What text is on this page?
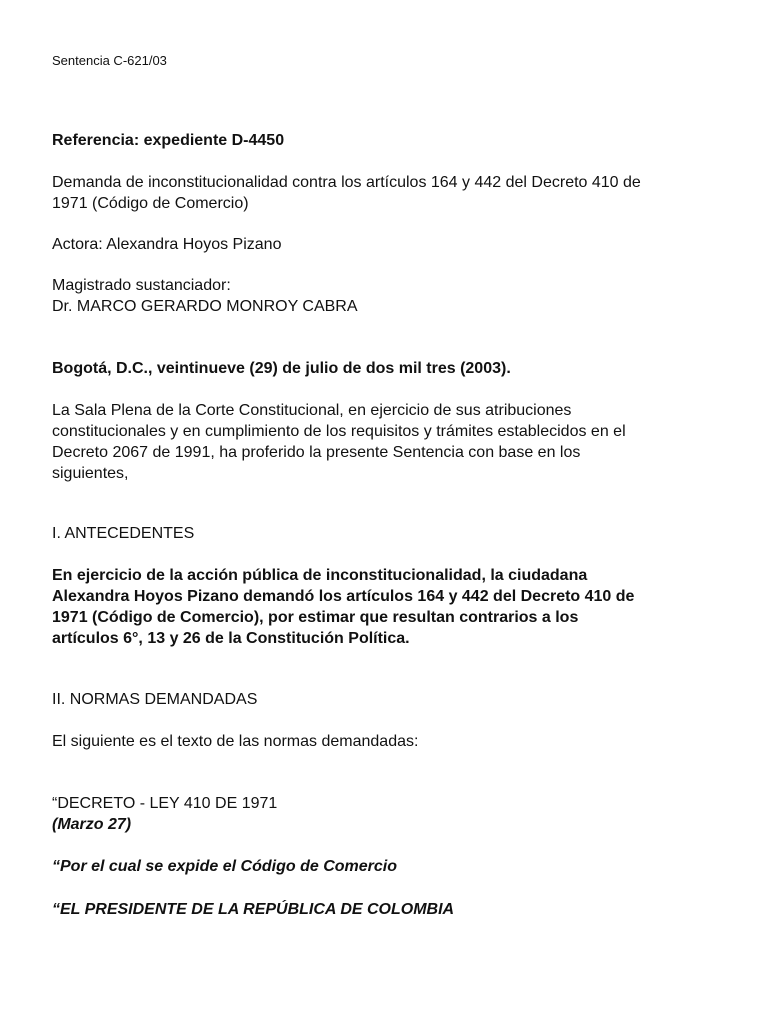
Sentencia C-621/03
Referencia: expediente D-4450
Demanda de inconstitucionalidad contra los artículos 164 y 442 del Decreto 410 de
1971 (Código de Comercio)
Actora: Alexandra Hoyos Pizano
Magistrado sustanciador:
Dr. MARCO GERARDO MONROY CABRA
Bogotá, D.C., veintinueve (29) de julio de dos mil tres (2003).
La Sala Plena de la Corte Constitucional, en ejercicio de sus atribuciones
constitucionales y en cumplimiento de los requisitos y trámites establecidos en el
Decreto 2067 de 1991, ha proferido la presente Sentencia con base en los
siguientes,
I. ANTECEDENTES
En ejercicio de la acción pública de inconstitucionalidad, la ciudadana
Alexandra Hoyos Pizano demandó los artículos 164 y 442 del Decreto 410 de
1971 (Código de Comercio), por estimar que resultan contrarios a los
artículos 6°, 13 y 26 de la Constitución Política.
II. NORMAS DEMANDADAS
El siguiente es el texto de las normas demandadas:
“DECRETO - LEY 410 DE 1971
(Marzo 27)
“Por el cual se expide el Código de Comercio
“EL PRESIDENTE DE LA REPÚBLICA DE COLOMBIA
